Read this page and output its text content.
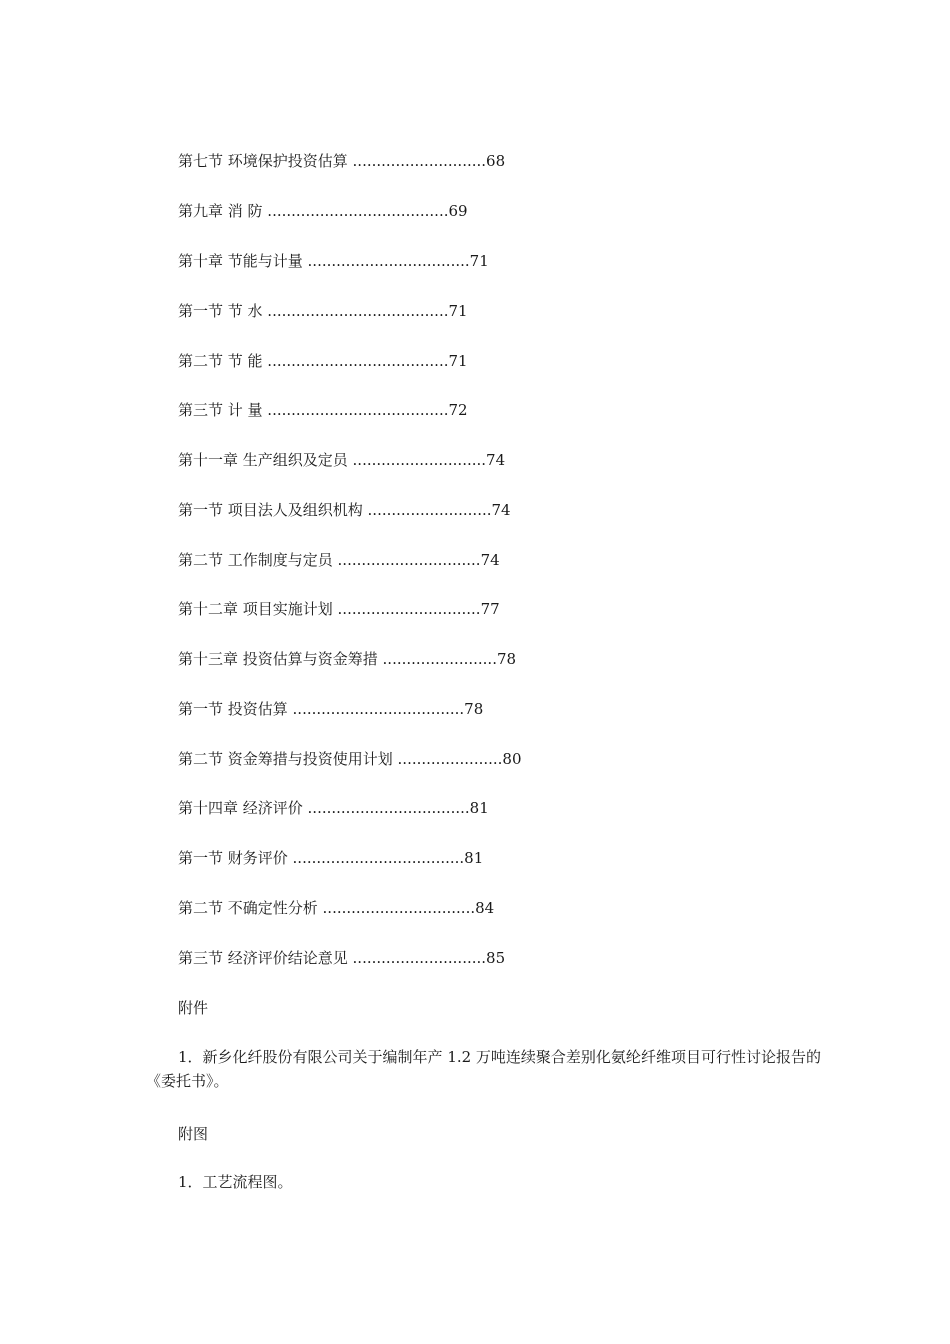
第七节 环境保护投资估算 ............................68
第九章 消 防 ......................................69
第十章 节能与计量 ..................................71
第一节 节 水 ......................................71
第二节 节 能 ......................................71
第三节 计 量 ......................................72
第十一章 生产组织及定员 ............................74
第一节 项目法人及组织机构 ..........................74
第二节 工作制度与定员 ..............................74
第十二章 项目实施计划 ..............................77
第十三章 投资估算与资金筹措 ........................78
第一节 投资估算 ....................................78
第二节 资金筹措与投资使用计划 ......................80
第十四章 经济评价 ..................................81
第一节 财务评价 ....................................81
第二节 不确定性分析 ................................84
第三节 经济评价结论意见 ............................85
附件
1．新乡化纤股份有限公司关于编制年产 1.2 万吨连续聚合差别化氨纶纤维项目可行性讨论报告的《委托书》。
附图
1．工艺流程图。
